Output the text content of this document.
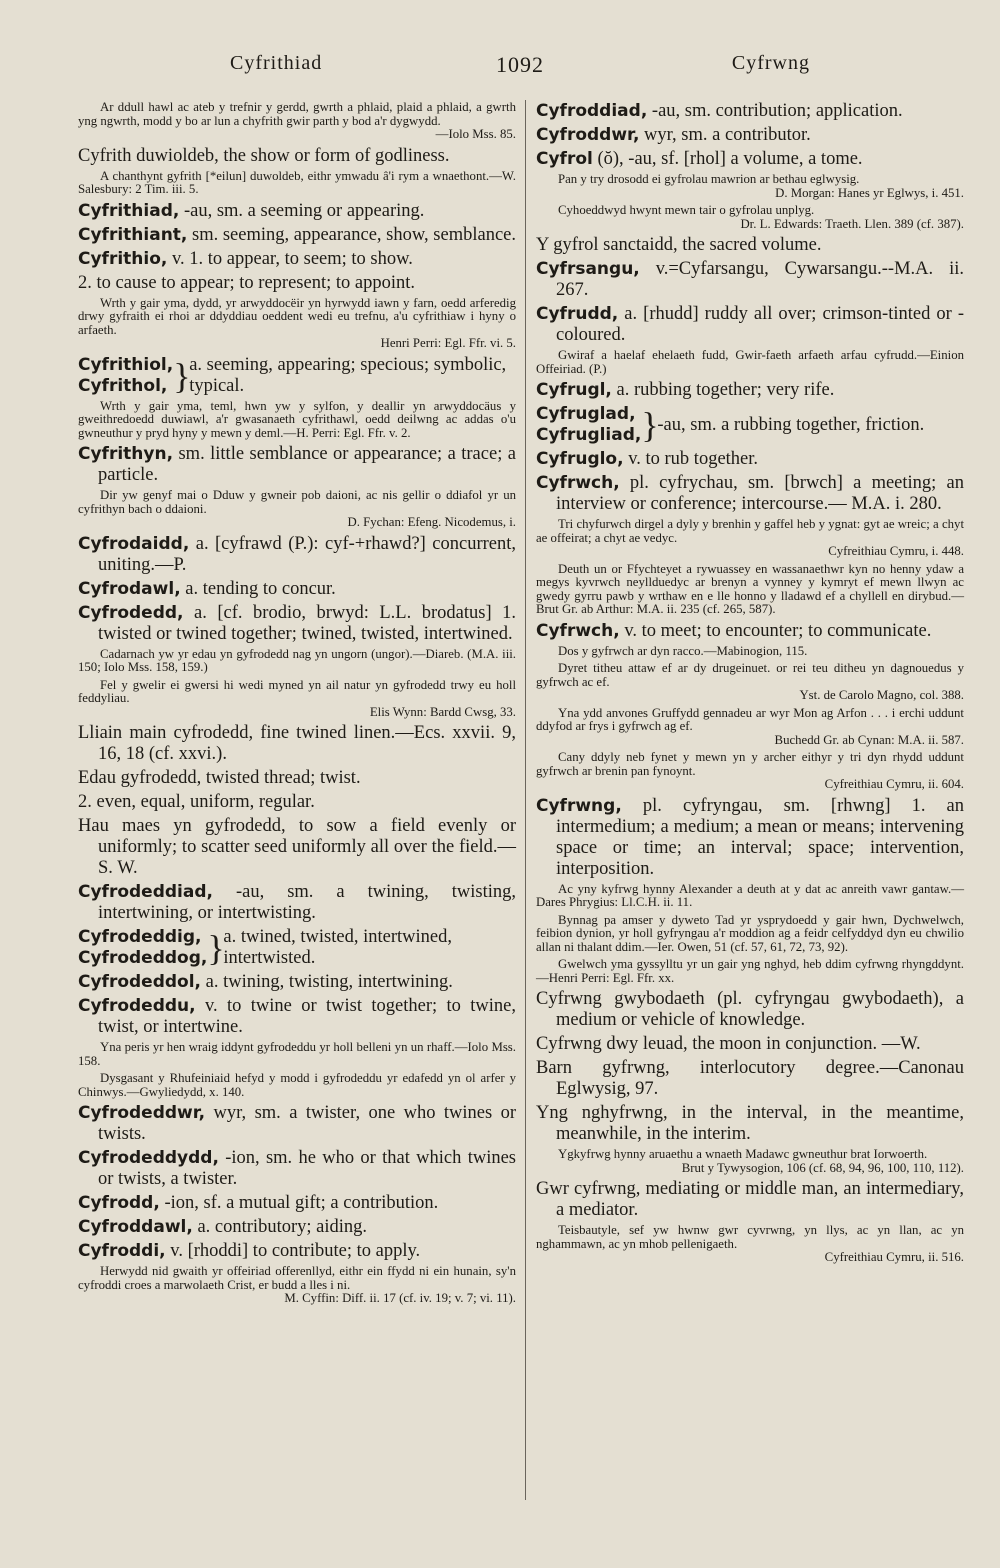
Cyfrithiad	1092	Cyfrwng

Ar ddull hawl ac ateb y trefnir y gerdd, gwrth a phlaid, plaid a phlaid, a gwrth yng ngwrth, modd y bo ar lun a chyfrith gwir parth y bod a'r dygwydd.
—Iolo Mss. 85.

Cyfrith duwioldeb, the show or form of godliness.

A chanthynt gyfrith [*eilun] duwoldeb, eithr ymwadu â'i rym a wnaethont.—W. Salesbury: 2 Tim. iii. 5.

Cyfrithiad, -au, sm. a seeming or appearing.

Cyfrithiant, sm. seeming, appearance, show, semblance.

Cyfrithio, v. 1. to appear, to seem; to show.

2. to cause to appear; to represent; to appoint.

Wrth y gair yma, dydd, yr arwyddocëir yn hyrwydd iawn y farn, oedd arferedig drwy gyfraith ei rhoi ar ddyddiau oeddent wedi eu trefnu, a'u cyfrithiaw i hyny o arfaeth.
Henri Perri: Egl. Ffr. vi. 5.

Cyfrithiol,
Cyfrithol, }
a. seeming, appearing; specious; symbolic, typical.

Wrth y gair yma, teml, hwn yw y sylfon, y deallir yn arwyddocäus y gweithredoedd duwiawl, a'r gwasanaeth cyfrithawl, oedd deilwng ac addas o'u gwneuthur y pryd hyny y mewn y deml.—H. Perri: Egl. Ffr. v. 2.

Cyfrithyn, sm. little semblance or appearance; a trace; a particle.

Dir yw genyf mai o Dduw y gwneir pob daioni, ac nis gellir o ddiafol yr un cyfrithyn bach o ddaioni.
D. Fychan: Efeng. Nicodemus, i.

Cyfrodaidd, a. [cyfrawd (P.): cyf-+rhawd?] concurrent, uniting.—P.

Cyfrodawl, a. tending to concur.

Cyfrodedd, a. [cf. brodio, brwyd: L.L. brodatus] 1. twisted or twined together; twined, twisted, intertwined.

Cadarnach yw yr edau yn gyfrodedd nag yn ungorn (ungor).—Diareb. (M.A. iii. 150; Iolo Mss. 158, 159.)

Fel y gwelir ei gwersi hi wedi myned yn ail natur yn gyfrodedd trwy eu holl feddyliau.
Elis Wynn: Bardd Cwsg, 33.

Lliain main cyfrodedd, fine twined linen.—Ecs. xxvii. 9, 16, 18 (cf. xxvi.).

Edau gyfrodedd, twisted thread; twist.

2. even, equal, uniform, regular.

Hau maes yn gyfrodedd, to sow a field evenly or uniformly; to scatter seed uniformly all over the field.—S. W.

Cyfrodeddiad, -au, sm. a twining, twisting, intertwining, or intertwisting.

Cyfrodeddig,
Cyfrodeddog, }
a. twined, twisted, intertwined, intertwisted.

Cyfrodeddol, a. twining, twisting, intertwining.

Cyfrodeddu, v. to twine or twist together; to twine, twist, or intertwine.

Yna peris yr hen wraig iddynt gyfrodeddu yr holl belleni yn un rhaff.—Iolo Mss. 158.

Dysgasant y Rhufeiniaid hefyd y modd i gyfrodeddu yr edafedd yn ol arfer y Chinwys.—Gwyliedydd, x. 140.

Cyfrodeddwr, wyr, sm. a twister, one who twines or twists.

Cyfrodeddydd, -ion, sm. he who or that which twines or twists, a twister.

Cyfrodd, -ion, sf. a mutual gift; a contribution.

Cyfroddawl, a. contributory; aiding.

Cyfroddi, v. [rhoddi] to contribute; to apply.

Herwydd nid gwaith yr offeiriad offerenllyd, eithr ein ffydd ni ein hunain, sy'n cyfroddi croes a marwolaeth Crist, er budd a lles i ni.
M. Cyffin: Diff. ii. 17 (cf. iv. 19; v. 7; vi. 11).

Cyfroddiad, -au, sm. contribution; application.

Cyfroddwr, wyr, sm. a contributor.

Cyfrol (ŏ), -au, sf. [rhol] a volume, a tome.

Pan y try drosodd ei gyfrolau mawrion ar bethau eglwysig.
D. Morgan: Hanes yr Eglwys, i. 451.

Cyhoeddwyd hwynt mewn tair o gyfrolau unplyg.
Dr. L. Edwards: Traeth. Llen. 389 (cf. 387).

Y gyfrol sanctaidd, the sacred volume.

Cyfrsangu, v.=Cyfarsangu, Cywarsangu.--M.A. ii. 267.

Cyfrudd, a. [rhudd] ruddy all over; crimson-tinted or -coloured.

Gwiraf a haelaf ehelaeth fudd, Gwir-faeth arfaeth arfau cyfrudd.—Einion Offeiriad. (P.)

Cyfrugl, a. rubbing together; very rife.

Cyfruglad,
Cyfrugliad, }
-au, sm. a rubbing together, friction.

Cyfruglo, v. to rub together.

Cyfrwch, pl. cyfrychau, sm. [brwch] a meeting; an interview or conference; intercourse.— M.A. i. 280.

Tri chyfurwch dirgel a dyly y brenhin y gaffel heb y ygnat: gyt ae wreic; a chyt ae offeirat; a chyt ae vedyc.
Cyfreithiau Cymru, i. 448.

Deuth un or Ffychteyet a rywuassey en wassanaethwr kyn no henny ydaw a megys kyvrwch neyllduedyc ar brenyn a vynney y kymryt ef mewn llwyn ac gwedy gyrru pawb y wrthaw en e lle honno y lladawd ef a chyllell en dirybud.—Brut Gr. ab Arthur: M.A. ii. 235 (cf. 265, 587).

Cyfrwch, v. to meet; to encounter; to communicate.

Dos y gyfrwch ar dyn racco.—Mabinogion, 115.

Dyret titheu attaw ef ar dy drugeinuet. or rei teu ditheu yn dagnouedus y gyfrwch ac ef.
Yst. de Carolo Magno, col. 388.

Yna ydd anvones Gruffydd gennadeu ar wyr Mon ag Arfon . . . i erchi uddunt ddyfod ar frys i gyfrwch ag ef.
Buchedd Gr. ab Cynan: M.A. ii. 587.

Cany ddyly neb fynet y mewn yn y archer eithyr y tri dyn rhydd uddunt gyfrwch ar brenin pan fynoynt.
Cyfreithiau Cymru, ii. 604.

Cyfrwng, pl. cyfryngau, sm. [rhwng] 1. an intermedium; a medium; a mean or means; intervening space or time; an interval; space; intervention, interposition.

Ac yny kyfrwg hynny Alexander a deuth at y dat ac anreith vawr gantaw.—Dares Phrygius: Ll.C.H. ii. 11.

Bynnag pa amser y dyweto Tad yr ysprydoedd y gair hwn, Dychwelwch, feibion dynion, yr holl gyfryngau a'r moddion ag a feidr celfyddyd dyn eu chwilio allan ni thalant ddim.—Ier. Owen, 51 (cf. 57, 61, 72, 73, 92).

Gwelwch yma gyssylltu yr un gair yng nghyd, heb ddim cyfrwng rhyngddynt.—Henri Perri: Egl. Ffr. xx.

Cyfrwng gwybodaeth (pl. cyfryngau gwybodaeth), a medium or vehicle of knowledge.

Cyfrwng dwy leuad, the moon in conjunction. —W.

Barn gyfrwng, interlocutory degree.—Canonau Eglwysig, 97.

Yng nghyfrwng, in the interval, in the meantime, meanwhile, in the interim.

Ygkyfrwg hynny aruaethu a wnaeth Madawc gwneuthur brat Iorwoerth.
Brut y Tywysogion, 106 (cf. 68, 94, 96, 100, 110, 112).

Gwr cyfrwng, mediating or middle man, an intermediary, a mediator.

Teisbautyle, sef yw hwnw gwr cyvrwng, yn llys, ac yn llan, ac yn nghammawn, ac yn mhob pellenigaeth.
Cyfreithiau Cymru, ii. 516.
